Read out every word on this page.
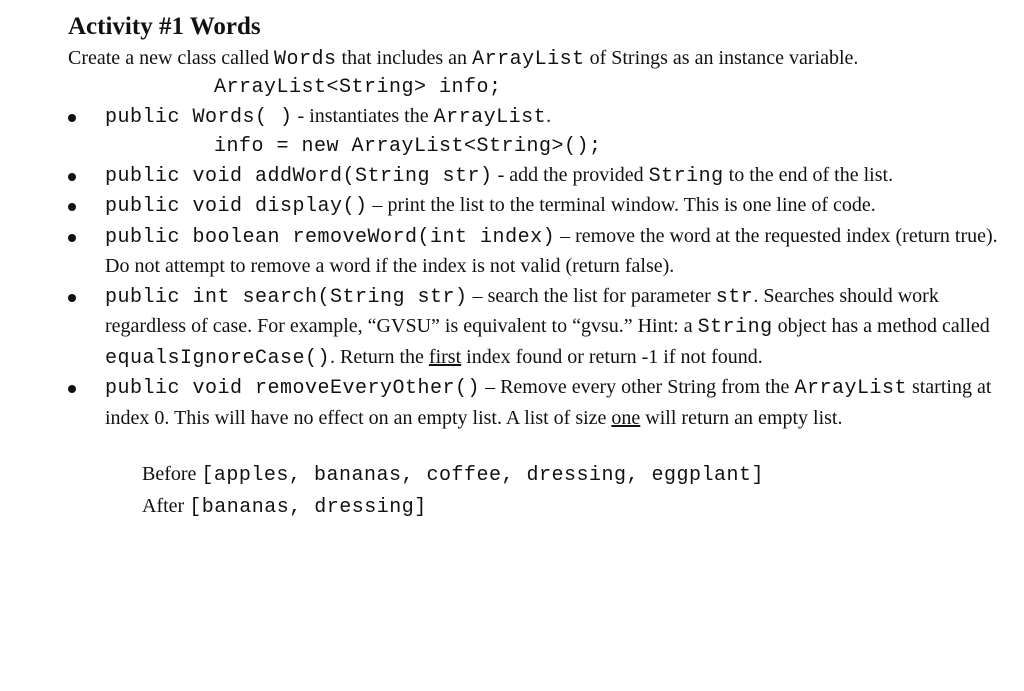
Activity #1 Words

Create a new class called Words that includes an ArrayList of Strings as an instance variable.

ArrayList<String> info;
public Words( ) - instantiates the ArrayList.
info = new ArrayList<String>();
public void addWord(String str) - add the provided String to the end of the list.
public void display() – print the list to the terminal window. This is one line of code.
public boolean removeWord(int index) – remove the word at the requested index (return true). Do not attempt to remove a word if the index is not valid (return false).
public int search(String str) – search the list for parameter str. Searches should work regardless of case. For example, “GVSU” is equivalent to “gvsu.” Hint: a String object has a method called equalsIgnoreCase(). Return the first index found or return -1 if not found.
public void removeEveryOther() – Remove every other String from the ArrayList starting at index 0. This will have no effect on an empty list. A list of size one will return an empty list.
Before [apples, bananas, coffee, dressing, eggplant]
After [bananas, dressing]
